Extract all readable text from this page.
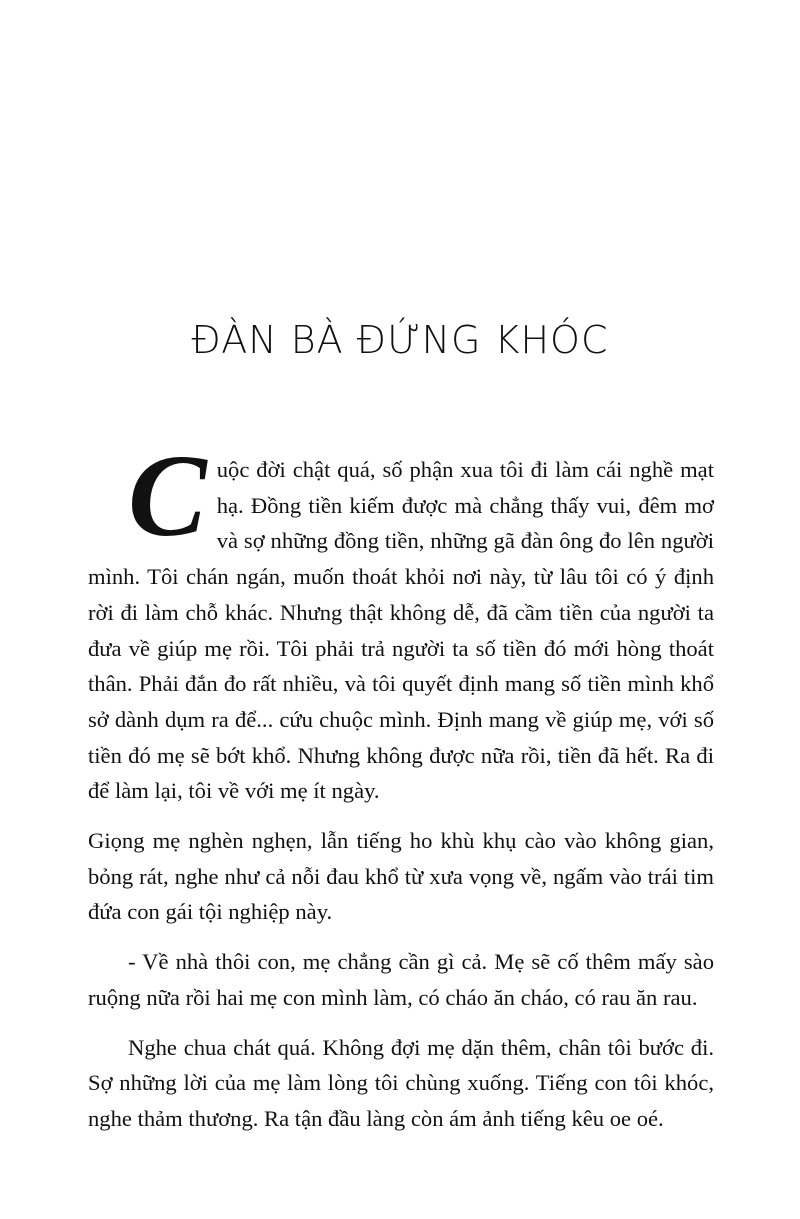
ĐÀN BÀ ĐỨNG KHÓC

Cuộc đời chật quá, số phận xua tôi đi làm cái nghề mạt hạ. Đồng tiền kiếm được mà chẳng thấy vui, đêm mơ và sợ những đồng tiền, những gã đàn ông đo lên người mình. Tôi chán ngán, muốn thoát khỏi nơi này, từ lâu tôi có ý định rời đi làm chỗ khác. Nhưng thật không dễ, đã cầm tiền của người ta đưa về giúp mẹ rồi. Tôi phải trả người ta số tiền đó mới hòng thoát thân. Phải đắn đo rất nhiều, và tôi quyết định mang số tiền mình khổ sở dành dụm ra để... cứu chuộc mình. Định mang về giúp mẹ, với số tiền đó mẹ sẽ bớt khổ. Nhưng không được nữa rồi, tiền đã hết. Ra đi để làm lại, tôi về với mẹ ít ngày.

Giọng mẹ nghèn nghẹn, lẫn tiếng ho khù khụ cào vào không gian, bỏng rát, nghe như cả nỗi đau khổ từ xưa vọng về, ngấm vào trái tim đứa con gái tội nghiệp này.

- Về nhà thôi con, mẹ chẳng cần gì cả. Mẹ sẽ cố thêm mấy sào ruộng nữa rồi hai mẹ con mình làm, có cháo ăn cháo, có rau ăn rau.

Nghe chua chát quá. Không đợi mẹ dặn thêm, chân tôi bước đi. Sợ những lời của mẹ làm lòng tôi chùng xuống. Tiếng con tôi khóc, nghe thảm thương. Ra tận đầu làng còn ám ảnh tiếng kêu oe oé.
